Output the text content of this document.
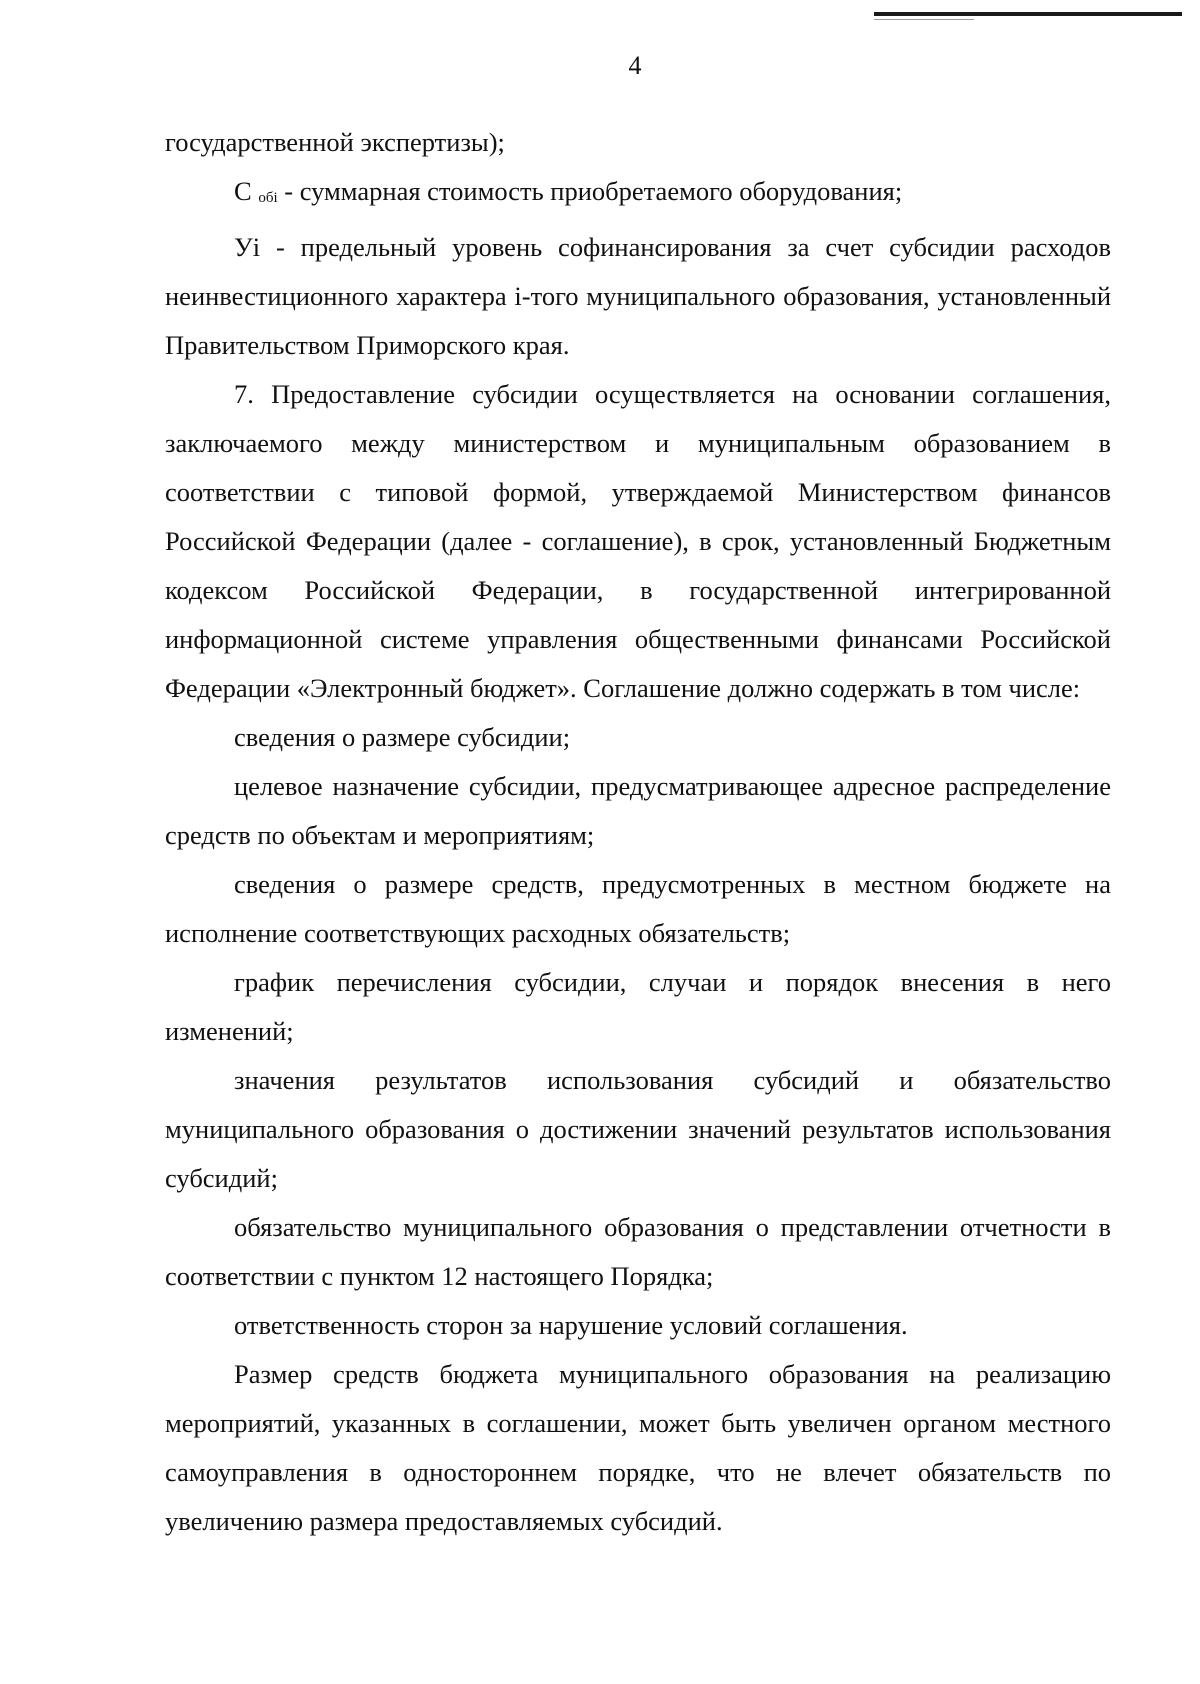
4

государственной экспертизы);

С обi - суммарная стоимость приобретаемого оборудования;

Уi - предельный уровень софинансирования за счет субсидии расходов неинвестиционного характера i-того муниципального образования, установленный Правительством Приморского края.

7. Предоставление субсидии осуществляется на основании соглашения, заключаемого между министерством и муниципальным образованием в соответствии с типовой формой, утверждаемой Министерством финансов Российской Федерации (далее - соглашение), в срок, установленный Бюджетным кодексом Российской Федерации, в государственной интегрированной информационной системе управления общественными финансами Российской Федерации «Электронный бюджет». Соглашение должно содержать в том числе:

сведения о размере субсидии;

целевое назначение субсидии, предусматривающее адресное распределение средств по объектам и мероприятиям;

сведения о размере средств, предусмотренных в местном бюджете на исполнение соответствующих расходных обязательств;

график перечисления субсидии, случаи и порядок внесения в него изменений;

значения результатов использования субсидий и обязательство муниципального образования о достижении значений результатов использования субсидий;

обязательство муниципального образования о представлении отчетности в соответствии с пунктом 12 настоящего Порядка;

ответственность сторон за нарушение условий соглашения.

Размер средств бюджета муниципального образования на реализацию мероприятий, указанных в соглашении, может быть увеличен органом местного самоуправления в одностороннем порядке, что не влечет обязательств по увеличению размера предоставляемых субсидий.
